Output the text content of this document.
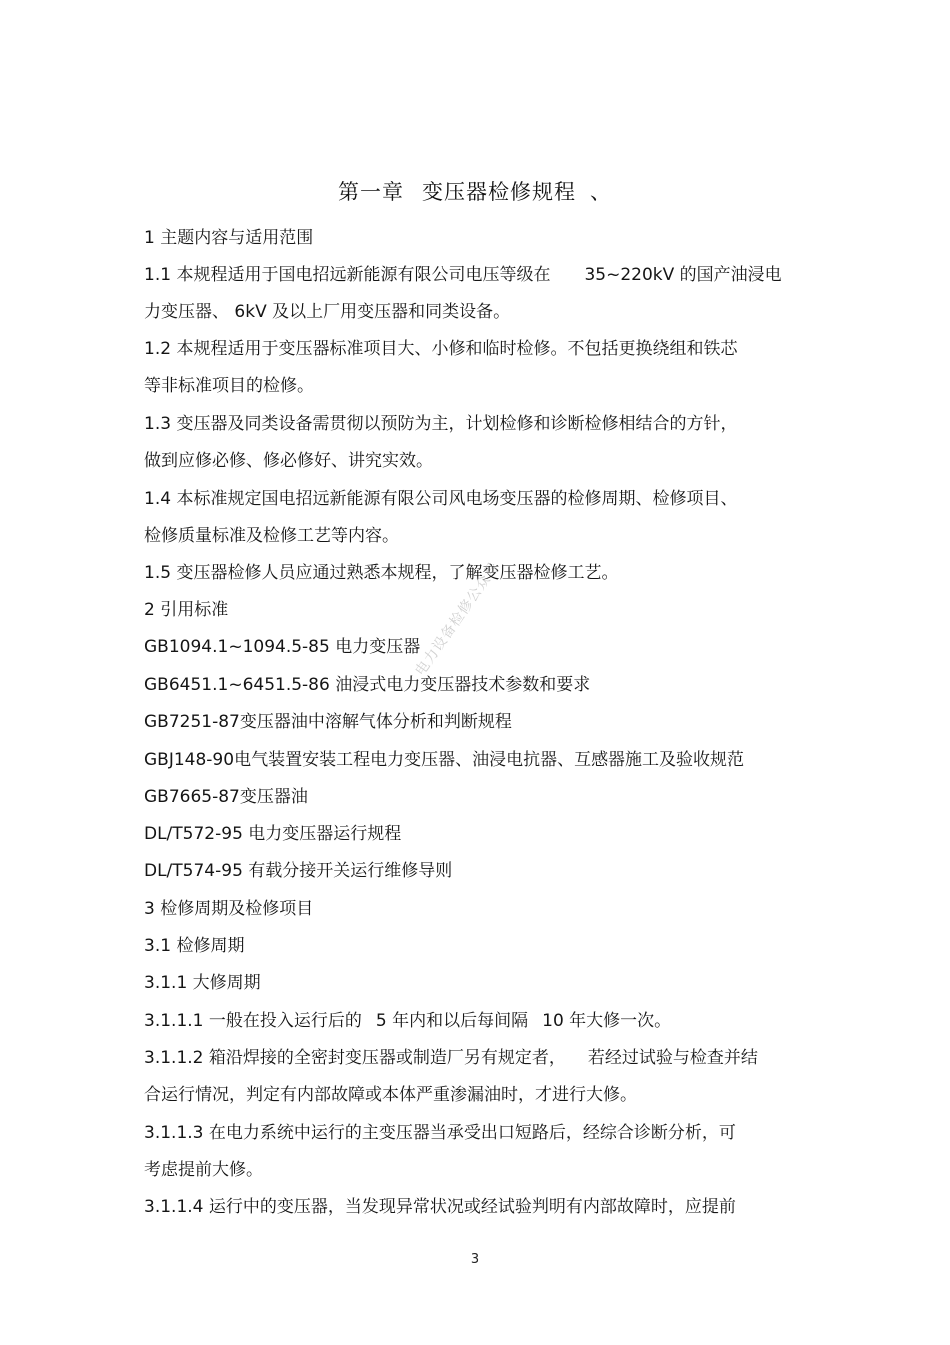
第一章 变压器检修规程 、
1 主题内容与适用范围
1.1 本规程适用于国电招远新能源有限公司电压等级在 35~220kV 的国产油浸电
力变压器、 6kV 及以上厂用变压器和同类设备。
1.2 本规程适用于变压器标准项目大、小修和临时检修。不包括更换绕组和铁芯
等非标准项目的检修。
1.3 变压器及同类设备需贯彻以预防为主，计划检修和诊断检修相结合的方针，
做到应修必修、修必修好、讲究实效。
1.4 本标准规定国电招远新能源有限公司风电场变压器的检修周期、检修项目、
检修质量标准及检修工艺等内容。
1.5 变压器检修人员应通过熟悉本规程，了解变压器检修工艺。
2 引用标准
GB1094.1~1094.5-85 电力变压器
GB6451.1~6451.5-86 油浸式电力变压器技术参数和要求
GB7251-87变压器油中溶解气体分析和判断规程
GBJ148-90电气装置安装工程电力变压器、油浸电抗器、互感器施工及验收规范
GB7665-87变压器油
DL/T572-95 电力变压器运行规程
DL/T574-95 有载分接开关运行维修导则
3 检修周期及检修项目
3.1 检修周期
3.1.1 大修周期
3.1.1.1 一般在投入运行后的 5 年内和以后每间隔 10 年大修一次。
3.1.1.2 箱沿焊接的全密封变压器或制造厂另有规定者， 若经过试验与检查并结
合运行情况，判定有内部故障或本体严重渗漏油时，才进行大修。
3.1.1.3 在电力系统中运行的主变压器当承受出口短路后，经综合诊断分析，可
考虑提前大修。
3.1.1.4 运行中的变压器，当发现异常状况或经试验判明有内部故障时，应提前
电力设备检修公众号
3
